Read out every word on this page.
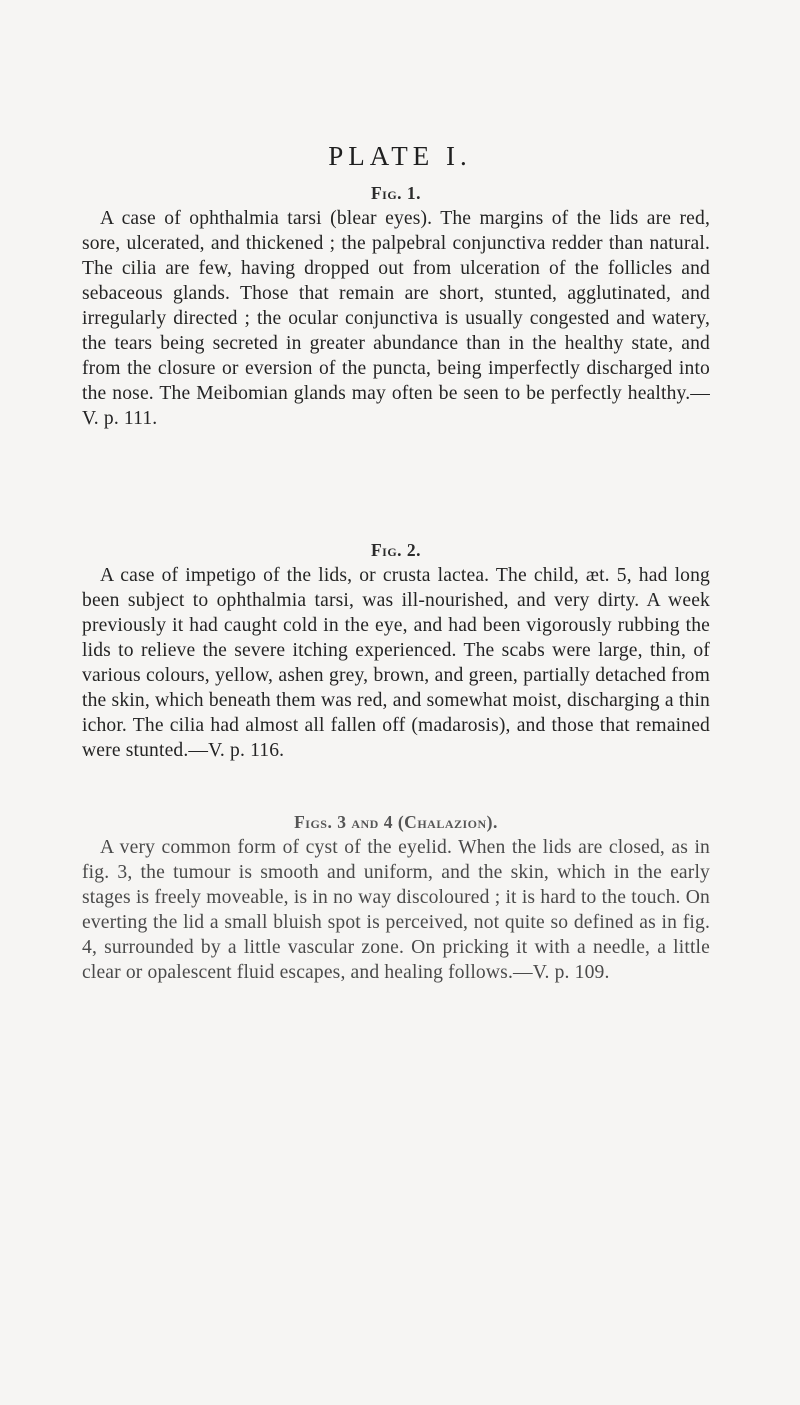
PLATE I.
Fig. 1.

A case of ophthalmia tarsi (blear eyes). The margins of the lids are red, sore, ulcerated, and thickened ; the palpebral conjunctiva redder than natural. The cilia are few, having dropped out from ulceration of the follicles and sebaceous glands. Those that remain are short, stunted, agglutinated, and irregularly directed ; the ocular conjunctiva is usually congested and watery, the tears being secreted in greater abundance than in the healthy state, and from the closure or eversion of the puncta, being imperfectly discharged into the nose. The Meibomian glands may often be seen to be perfectly healthy.—V. p. 111.

Fig. 2.

A case of impetigo of the lids, or crusta lactea. The child, æt. 5, had long been subject to ophthalmia tarsi, was ill-nourished, and very dirty. A week previously it had caught cold in the eye, and had been vigorously rubbing the lids to relieve the severe itching experienced. The scabs were large, thin, of various colours, yellow, ashen grey, brown, and green, partially detached from the skin, which beneath them was red, and somewhat moist, discharging a thin ichor. The cilia had almost all fallen off (madarosis), and those that remained were stunted.—V. p. 116.

Figs. 3 and 4 (Chalazion).

A very common form of cyst of the eyelid. When the lids are closed, as in fig. 3, the tumour is smooth and uniform, and the skin, which in the early stages is freely moveable, is in no way discoloured ; it is hard to the touch. On everting the lid a small bluish spot is perceived, not quite so defined as in fig. 4, surrounded by a little vascular zone. On pricking it with a needle, a little clear or opalescent fluid escapes, and healing follows.—V. p. 109.
